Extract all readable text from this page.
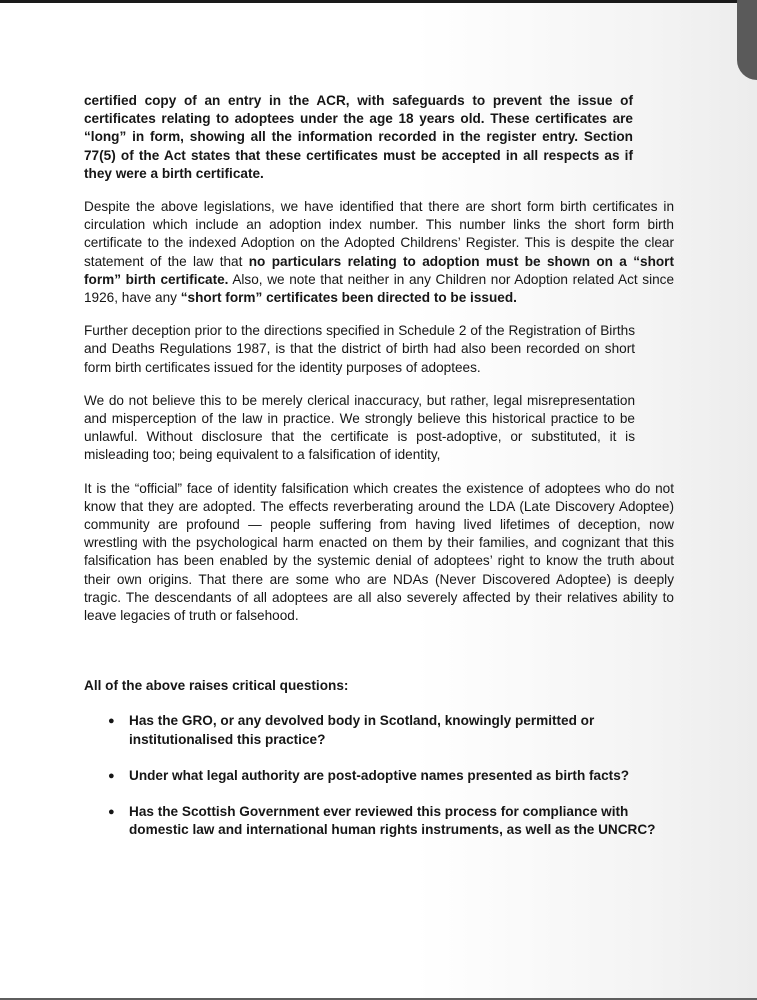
certified copy of an entry in the ACR, with safeguards to prevent the issue of certificates relating to adoptees under the age 18 years old. These certificates are “long” in form, showing all the information recorded in the register entry. Section 77(5) of the Act states that these certificates must be accepted in all respects as if they were a birth certificate.

Despite the above legislations, we have identified that there are short form birth certificates in circulation which include an adoption index number. This number links the short form birth certificate to the indexed Adoption on the Adopted Childrens’ Register. This is despite the clear statement of the law that no particulars relating to adoption must be shown on a “short form” birth certificate. Also, we note that neither in any Children nor Adoption related Act since 1926, have any “short form” certificates been directed to be issued.

Further deception prior to the directions specified in Schedule 2 of the Registration of Births and Deaths Regulations 1987, is that the district of birth had also been recorded on short form birth certificates issued for the identity purposes of adoptees.

We do not believe this to be merely clerical inaccuracy, but rather, legal misrepresentation and misperception of the law in practice. We strongly believe this historical practice to be unlawful. Without disclosure that the certificate is post-adoptive, or substituted, it is misleading too; being equivalent to a falsification of identity,

It is the “official” face of identity falsification which creates the existence of adoptees who do not know that they are adopted. The effects reverberating around the LDA (Late Discovery Adoptee) community are profound — people suffering from having lived lifetimes of deception, now wrestling with the psychological harm enacted on them by their families, and cognizant that this falsification has been enabled by the systemic denial of adoptees’ right to know the truth about their own origins. That there are some who are NDAs (Never Discovered Adoptee) is deeply tragic. The descendants of all adoptees are all also severely affected by their relatives ability to leave legacies of truth or falsehood.

All of the above raises critical questions:

● Has the GRO, or any devolved body in Scotland, knowingly permitted or institutionalised this practice?
● Under what legal authority are post-adoptive names presented as birth facts?
● Has the Scottish Government ever reviewed this process for compliance with domestic law and international human rights instruments, as well as the UNCRC?
